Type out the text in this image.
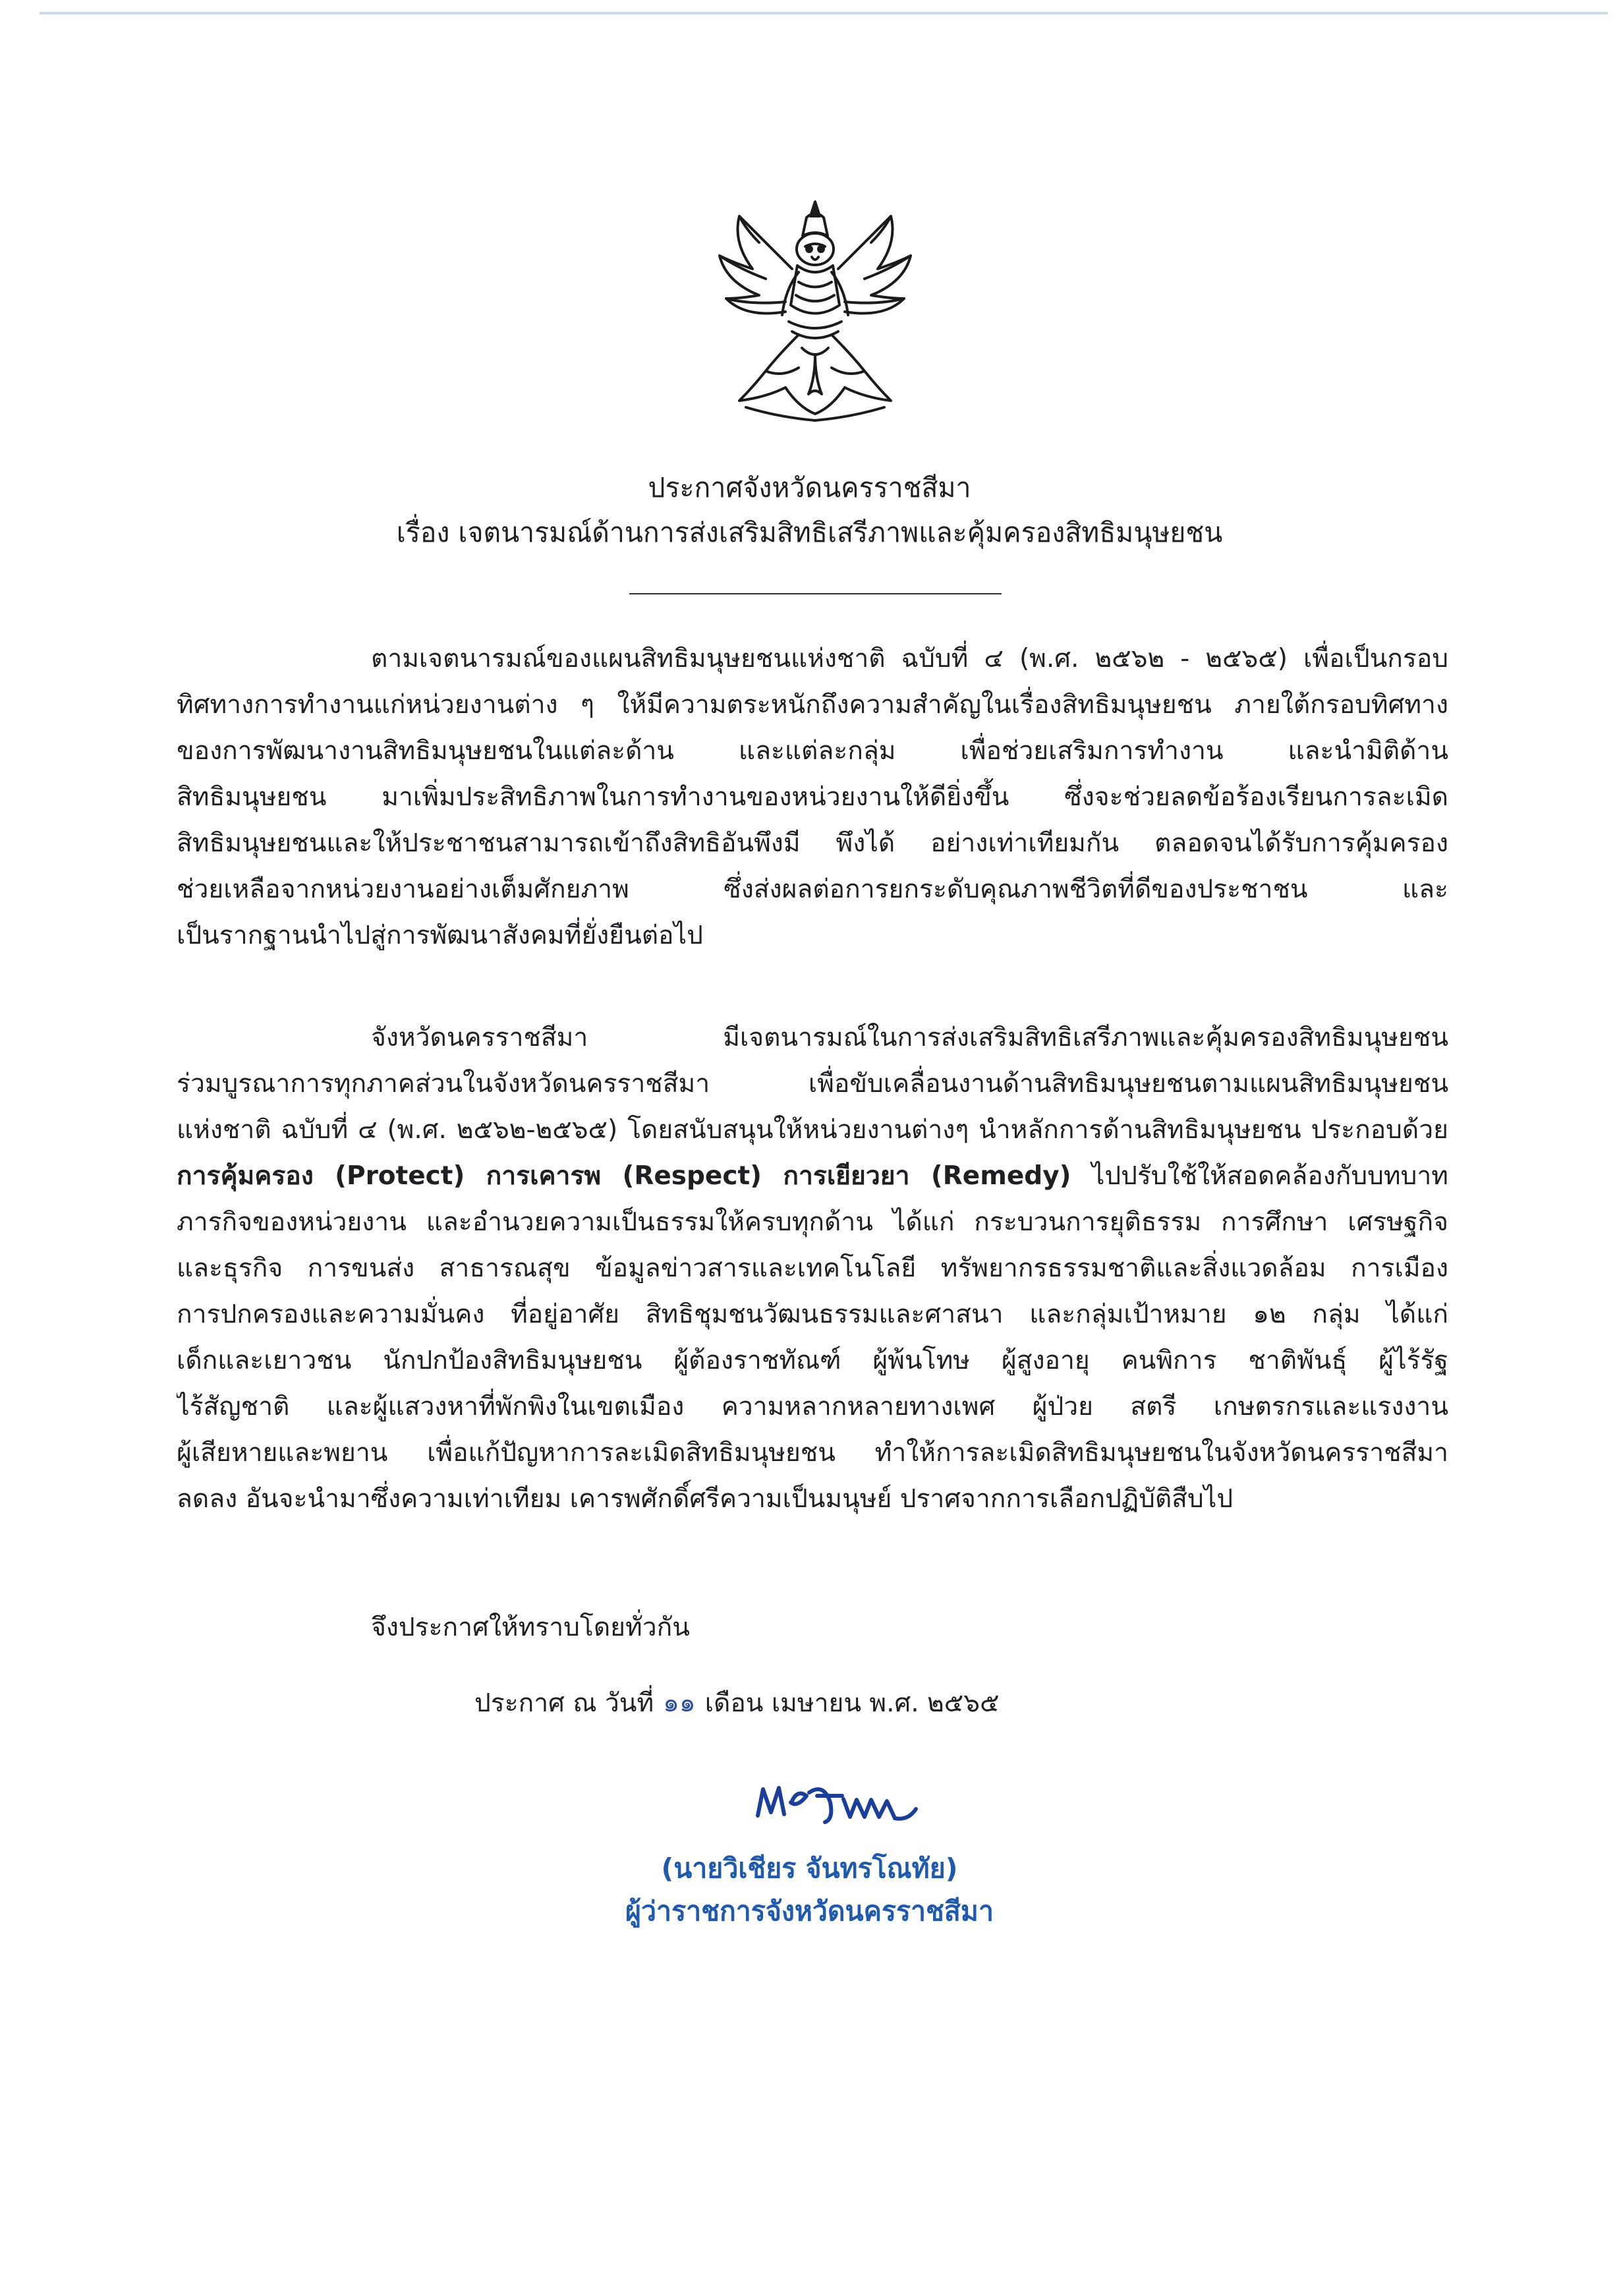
ประกาศจังหวัดนครราชสีมา
เรื่อง เจตนารมณ์ด้านการส่งเสริมสิทธิเสรีภาพและคุ้มครองสิทธิมนุษยชน
ตามเจตนารมณ์ของแผนสิทธิมนุษยชนแห่งชาติ ฉบับที่ ๔ (พ.ศ. ๒๕๖๒ - ๒๕๖๕) เพื่อเป็นกรอบ
ทิศทางการทำงานแก่หน่วยงานต่าง ๆ ให้มีความตระหนักถึงความสำคัญในเรื่องสิทธิมนุษยชน ภายใต้กรอบทิศทาง
ของการพัฒนางานสิทธิมนุษยชนในแต่ละด้าน และแต่ละกลุ่ม เพื่อช่วยเสริมการทำงาน และนำมิติด้าน
สิทธิมนุษยชน มาเพิ่มประสิทธิภาพในการทำงานของหน่วยงานให้ดียิ่งขึ้น ซึ่งจะช่วยลดข้อร้องเรียนการละเมิด
สิทธิมนุษยชนและให้ประชาชนสามารถเข้าถึงสิทธิอันพึงมี พึงได้ อย่างเท่าเทียมกัน ตลอดจนได้รับการคุ้มครอง
ช่วยเหลือจากหน่วยงานอย่างเต็มศักยภาพ ซึ่งส่งผลต่อการยกระดับคุณภาพชีวิตที่ดีของประชาชน และ
เป็นรากฐานนำไปสู่การพัฒนาสังคมที่ยั่งยืนต่อไป
จังหวัดนครราชสีมา มีเจตนารมณ์ในการส่งเสริมสิทธิเสรีภาพและคุ้มครองสิทธิมนุษยชน
ร่วมบูรณาการทุกภาคส่วนในจังหวัดนครราชสีมา เพื่อขับเคลื่อนงานด้านสิทธิมนุษยชนตามแผนสิทธิมนุษยชน
แห่งชาติ ฉบับที่ ๔ (พ.ศ. ๒๕๖๒-๒๕๖๕) โดยสนับสนุนให้หน่วยงานต่างๆ นำหลักการด้านสิทธิมนุษยชน ประกอบด้วย
การคุ้มครอง (Protect) การเคารพ (Respect) การเยียวยา (Remedy) ไปปรับใช้ให้สอดคล้องกับบทบาท
ภารกิจของหน่วยงาน และอำนวยความเป็นธรรมให้ครบทุกด้าน ได้แก่ กระบวนการยุติธรรม การศึกษา เศรษฐกิจ
และธุรกิจ การขนส่ง สาธารณสุข ข้อมูลข่าวสารและเทคโนโลยี ทรัพยากรธรรมชาติและสิ่งแวดล้อม การเมือง
การปกครองและความมั่นคง ที่อยู่อาศัย สิทธิชุมชนวัฒนธรรมและศาสนา และกลุ่มเป้าหมาย ๑๒ กลุ่ม ได้แก่
เด็กและเยาวชน นักปกป้องสิทธิมนุษยชน ผู้ต้องราชทัณฑ์ ผู้พ้นโทษ ผู้สูงอายุ คนพิการ ชาติพันธุ์ ผู้ไร้รัฐ
ไร้สัญชาติ และผู้แสวงหาที่พักพิงในเขตเมือง ความหลากหลายทางเพศ ผู้ป่วย สตรี เกษตรกรและแรงงาน
ผู้เสียหายและพยาน เพื่อแก้ปัญหาการละเมิดสิทธิมนุษยชน ทำให้การละเมิดสิทธิมนุษยชนในจังหวัดนครราชสีมา
ลดลง อันจะนำมาซึ่งความเท่าเทียม เคารพศักดิ์ศรีความเป็นมนุษย์ ปราศจากการเลือกปฏิบัติสืบไป
จึงประกาศให้ทราบโดยทั่วกัน
ประกาศ ณ วันที่ ๑๑ เดือน เมษายน พ.ศ. ๒๕๖๕
(นายวิเชียร จันทรโณทัย)
ผู้ว่าราชการจังหวัดนครราชสีมา
